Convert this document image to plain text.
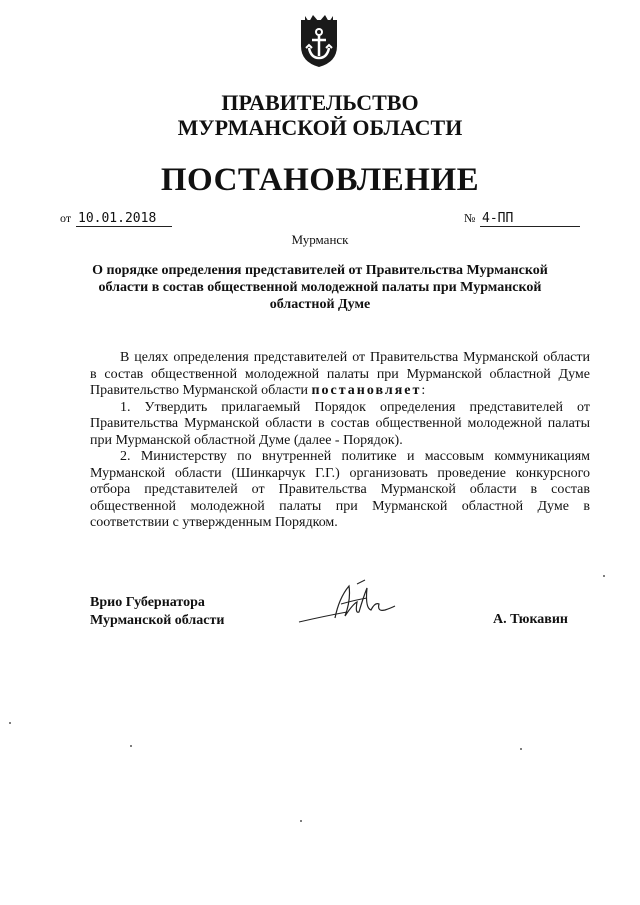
ПРАВИТЕЛЬСТВО
МУРМАНСКОЙ ОБЛАСТИ
ПОСТАНОВЛЕНИЕ
от 10.01.2018	№ 4-ПП
Мурманск
О порядке определения представителей от Правительства Мурманской области в состав общественной молодежной палаты при Мурманской областной Думе

В целях определения представителей от Правительства Мурманской области в состав общественной молодежной палаты при Мурманской областной Думе Правительство Мурманской области постановляет:

1. Утвердить прилагаемый Порядок определения представителей от Правительства Мурманской области в состав общественной молодежной палаты при Мурманской областной Думе (далее - Порядок).

2. Министерству по внутренней политике и массовым коммуникациям Мурманской области (Шинкарчук Г.Г.) организовать проведение конкурсного отбора представителей от Правительства Мурманской области в состав общественной молодежной палаты при Мурманской областной Думе в соответствии с утвержденным Порядком.

Врио Губернатора
Мурманской области	А. Тюкавин
